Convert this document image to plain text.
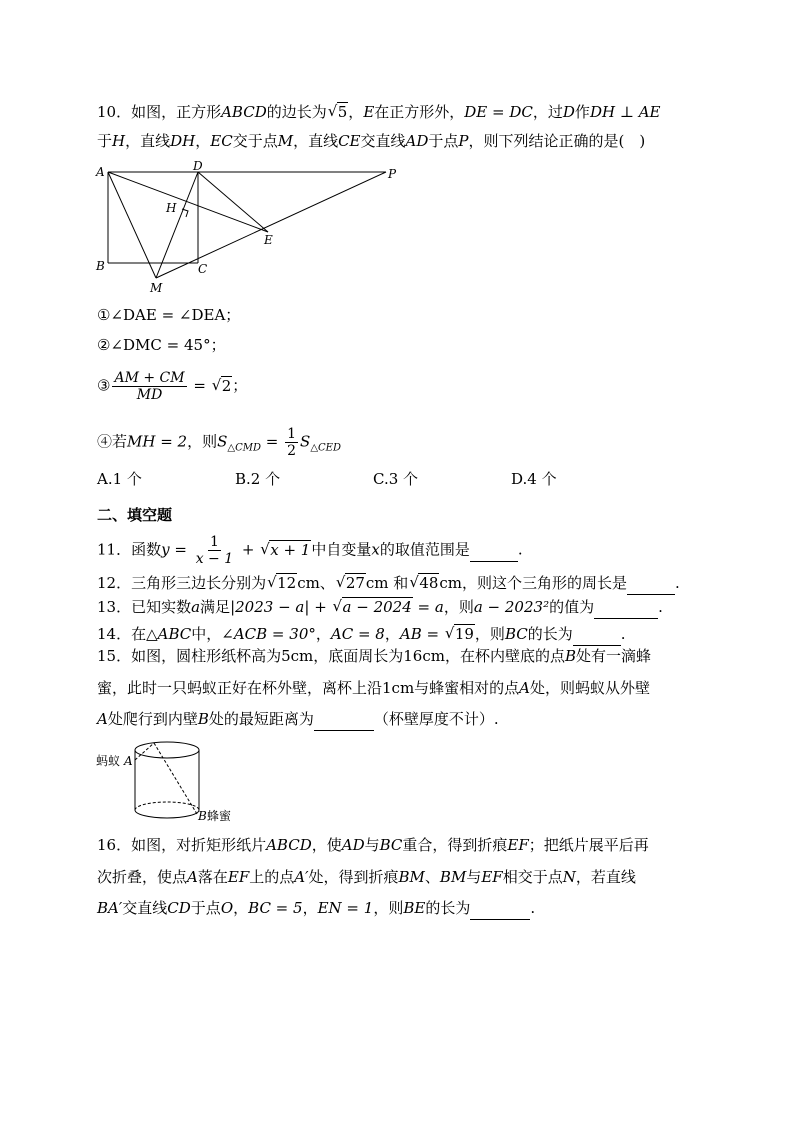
10．如图，正方形ABCD的边长为 √ 5，E在正方形外，DE = DC，过D作DH ⊥ AE
于H，直线DH，EC交于点M，直线CE交直线AD于点P，则下列结论正确的是(　)
A	D
P
H
E
B	C
M
①∠DAE = ∠DEA；
②∠DMC = 45°；
③ $\frac{AM + CM}{MD}$ = √ 2；
④若MH = 2，则$S_{\triangle CMD} = \frac{1}{2} S_{\triangle CED}$
A.1 个	B.2 个	C.3 个	D.4 个
二、填空题
11．函数$y = \frac{1}{x - 1}$ + √ x + 1中自变量x的取值范围是	.
12．三角形三边长分别为 √ 12cm、 √ 27cm 和 √ 48cm，则这个三角形的周长是	.
13．已知实数a满足|2023 − a| + √ a − 2024 = a，则a − 2023²的值为	.
14．在△ABC中，∠ACB = 30°，AC = 8，AB = √ 19，则BC的长为	.
15．如图，圆柱形纸杯高为5cm，底面周长为16cm，在杯内壁底的点B处有一滴蜂
蜜，此时一只蚂蚁正好在杯外壁，离杯上沿1cm与蜂蜜相对的点A处，则蚂蚁从外壁
A处爬行到内壁B处的最短距离为	（杯壁厚度不计）.
蚂蚁 A
B 蜂蜜
16．如图，对折矩形纸片ABCD，使AD与BC重合，得到折痕EF；把纸片展平后再
次折叠，使点A落在EF上的点A′处，得到折痕BM、BM与EF相交于点N，若直线
BA′交直线CD于点O，BC = 5，EN = 1，则BE的长为	.
